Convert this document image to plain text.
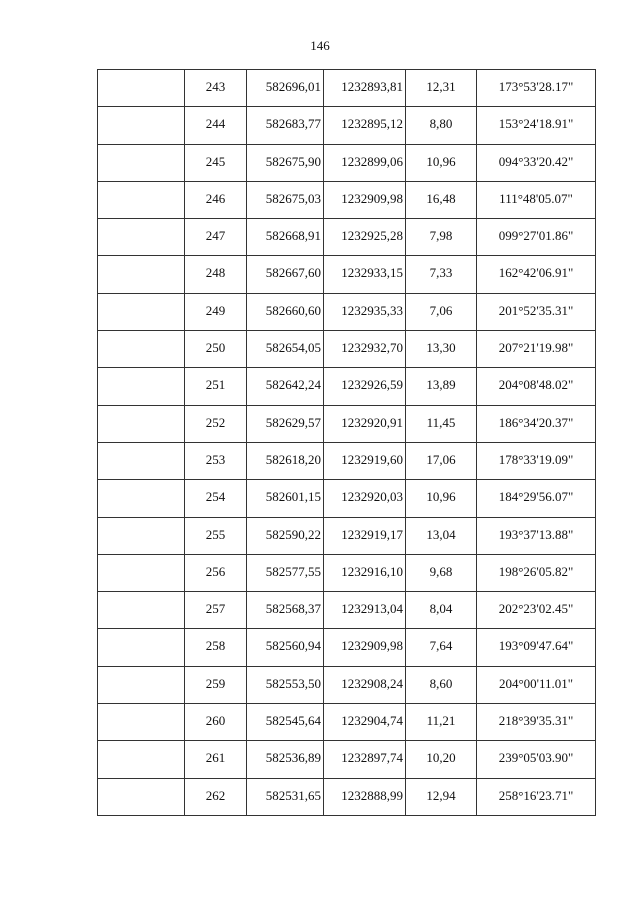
146

	243	582696,01	1232893,81	12,31	173°53'28.17"

	244	582683,77	1232895,12	8,80	153°24'18.91"

	245	582675,90	1232899,06	10,96	094°33'20.42"

	246	582675,03	1232909,98	16,48	111°48'05.07"

	247	582668,91	1232925,28	7,98	099°27'01.86"

	248	582667,60	1232933,15	7,33	162°42'06.91"

	249	582660,60	1232935,33	7,06	201°52'35.31"

	250	582654,05	1232932,70	13,30	207°21'19.98"

	251	582642,24	1232926,59	13,89	204°08'48.02"

	252	582629,57	1232920,91	11,45	186°34'20.37"

	253	582618,20	1232919,60	17,06	178°33'19.09"

	254	582601,15	1232920,03	10,96	184°29'56.07"

	255	582590,22	1232919,17	13,04	193°37'13.88"

	256	582577,55	1232916,10	9,68	198°26'05.82"

	257	582568,37	1232913,04	8,04	202°23'02.45"

	258	582560,94	1232909,98	7,64	193°09'47.64"

	259	582553,50	1232908,24	8,60	204°00'11.01"

	260	582545,64	1232904,74	11,21	218°39'35.31"

	261	582536,89	1232897,74	10,20	239°05'03.90"

	262	582531,65	1232888,99	12,94	258°16'23.71"
